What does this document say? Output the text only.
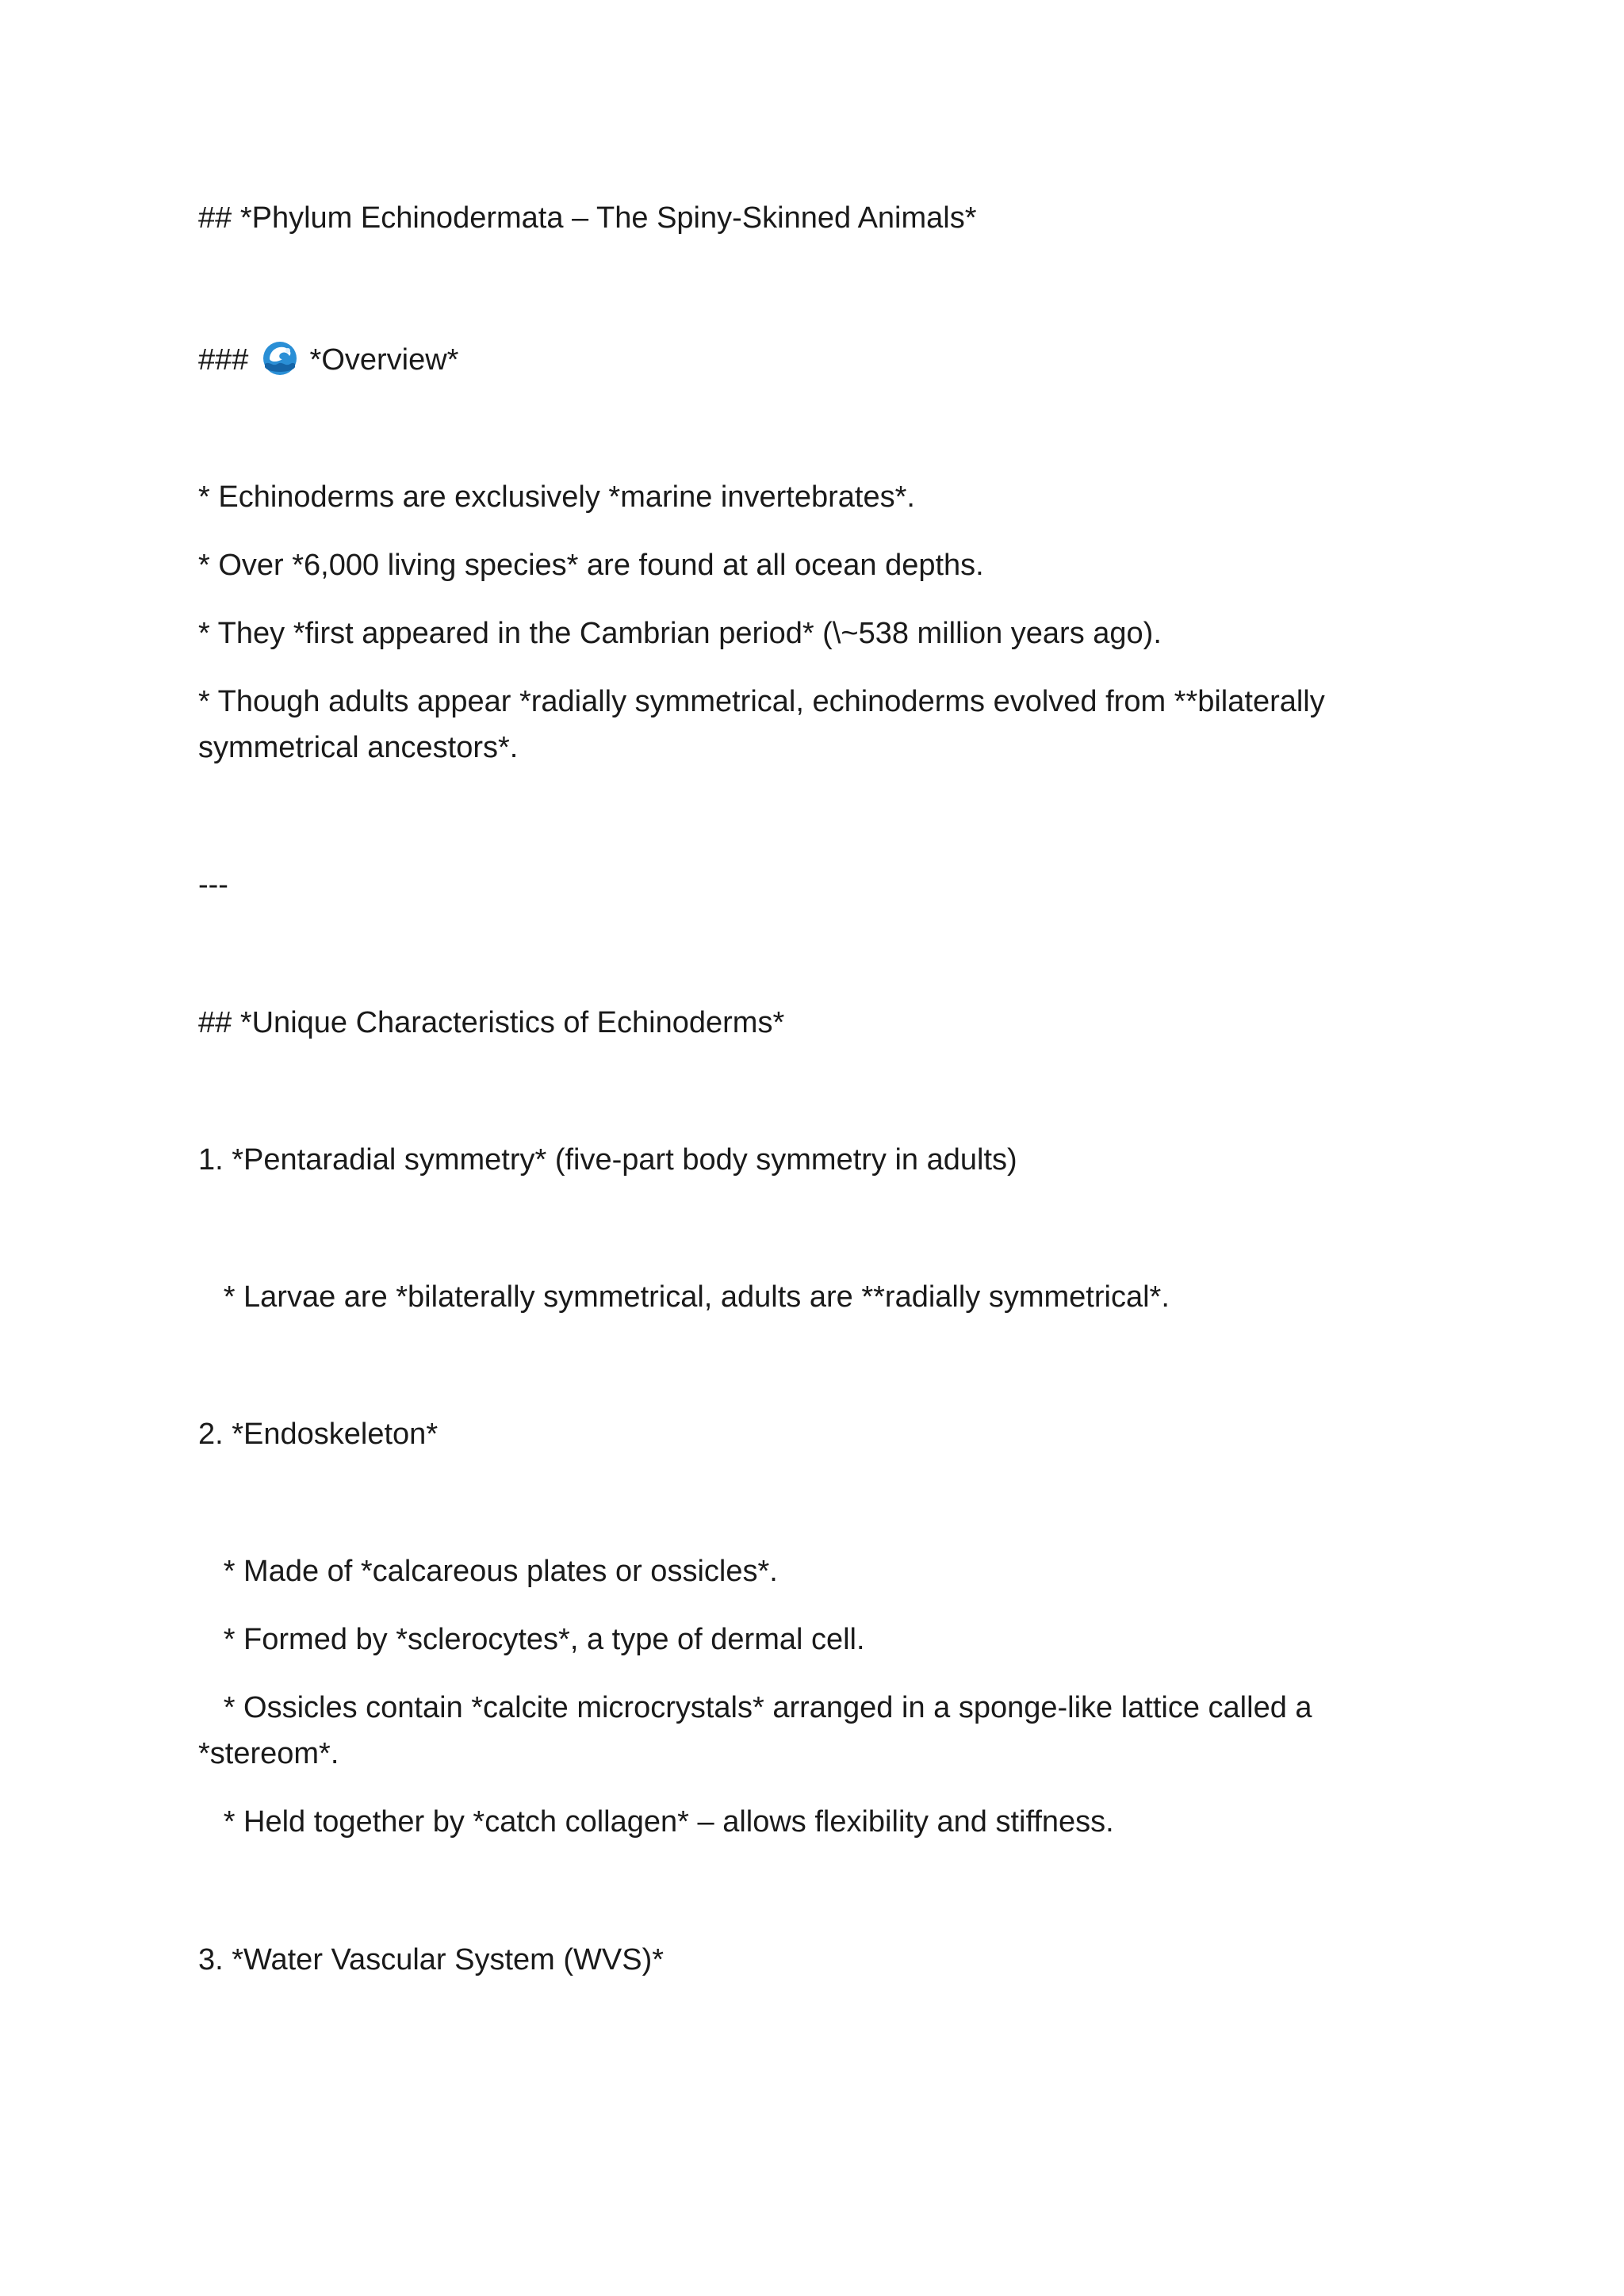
## *Phylum Echinodermata – The Spiny-Skinned Animals*

### *Overview*

* Echinoderms are exclusively *marine invertebrates*.

* Over *6,000 living species* are found at all ocean depths.

* They *first appeared in the Cambrian period* (\~538 million years ago).

* Though adults appear *radially symmetrical, echinoderms evolved from **bilaterally symmetrical ancestors*.

---

## *Unique Characteristics of Echinoderms*

1. *Pentaradial symmetry* (five-part body symmetry in adults)

* Larvae are *bilaterally symmetrical, adults are **radially symmetrical*.

2. *Endoskeleton*

* Made of *calcareous plates or ossicles*.

* Formed by *sclerocytes*, a type of dermal cell.

* Ossicles contain *calcite microcrystals* arranged in a sponge-like lattice called a *stereom*.

* Held together by *catch collagen* – allows flexibility and stiffness.

3. *Water Vascular System (WVS)*
